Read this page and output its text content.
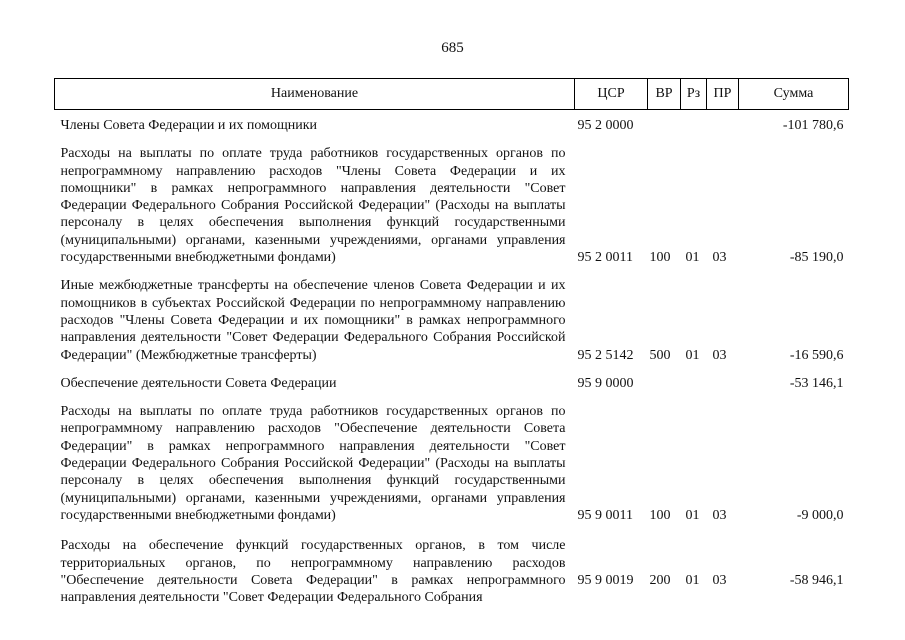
685
Наименование	ЦСР	ВР	Рз	ПР	Сумма
Члены Совета Федерации и их помощники	95 2 0000				-101 780,6
Расходы на выплаты по оплате труда работников государственных органов по непрограммному направлению расходов "Члены Совета Федерации и их помощники" в рамках непрограммного направления деятельности "Совет Федерации Федерального Собрания Российской Федерации" (Расходы на выплаты персоналу в целях обеспечения выполнения функций государственными (муниципальными) органами, казенными учреждениями, органами управления государственными внебюджетными фондами)	95 2 0011	100	01	03	-85 190,0
Иные межбюджетные трансферты на обеспечение членов Совета Федерации и их помощников в субъектах Российской Федерации по непрограммному направлению расходов "Члены Совета Федерации и их помощники" в рамках непрограммного направления деятельности "Совет Федерации Федерального Собрания Российской Федерации" (Межбюджетные трансферты)	95 2 5142	500	01	03	-16 590,6
Обеспечение деятельности Совета Федерации	95 9 0000				-53 146,1
Расходы на выплаты по оплате труда работников государственных органов по непрограммному направлению расходов "Обеспечение деятельности Совета Федерации" в рамках непрограммного направления деятельности "Совет Федерации Федерального Собрания Российской Федерации" (Расходы на выплаты персоналу в целях обеспечения выполнения функций государственными (муниципальными) органами, казенными учреждениями, органами управления государственными внебюджетными фондами)	95 9 0011	100	01	03	-9 000,0

Расходы на обеспечение функций государственных органов, в том числе территориальных органов, по непрограммному направлению расходов "Обеспечение деятельности Совета Федерации" в рамках непрограммного направления деятельности "Совет Федерации Федерального Собрания	95 9 0019	200	01	03	-58 946,1
